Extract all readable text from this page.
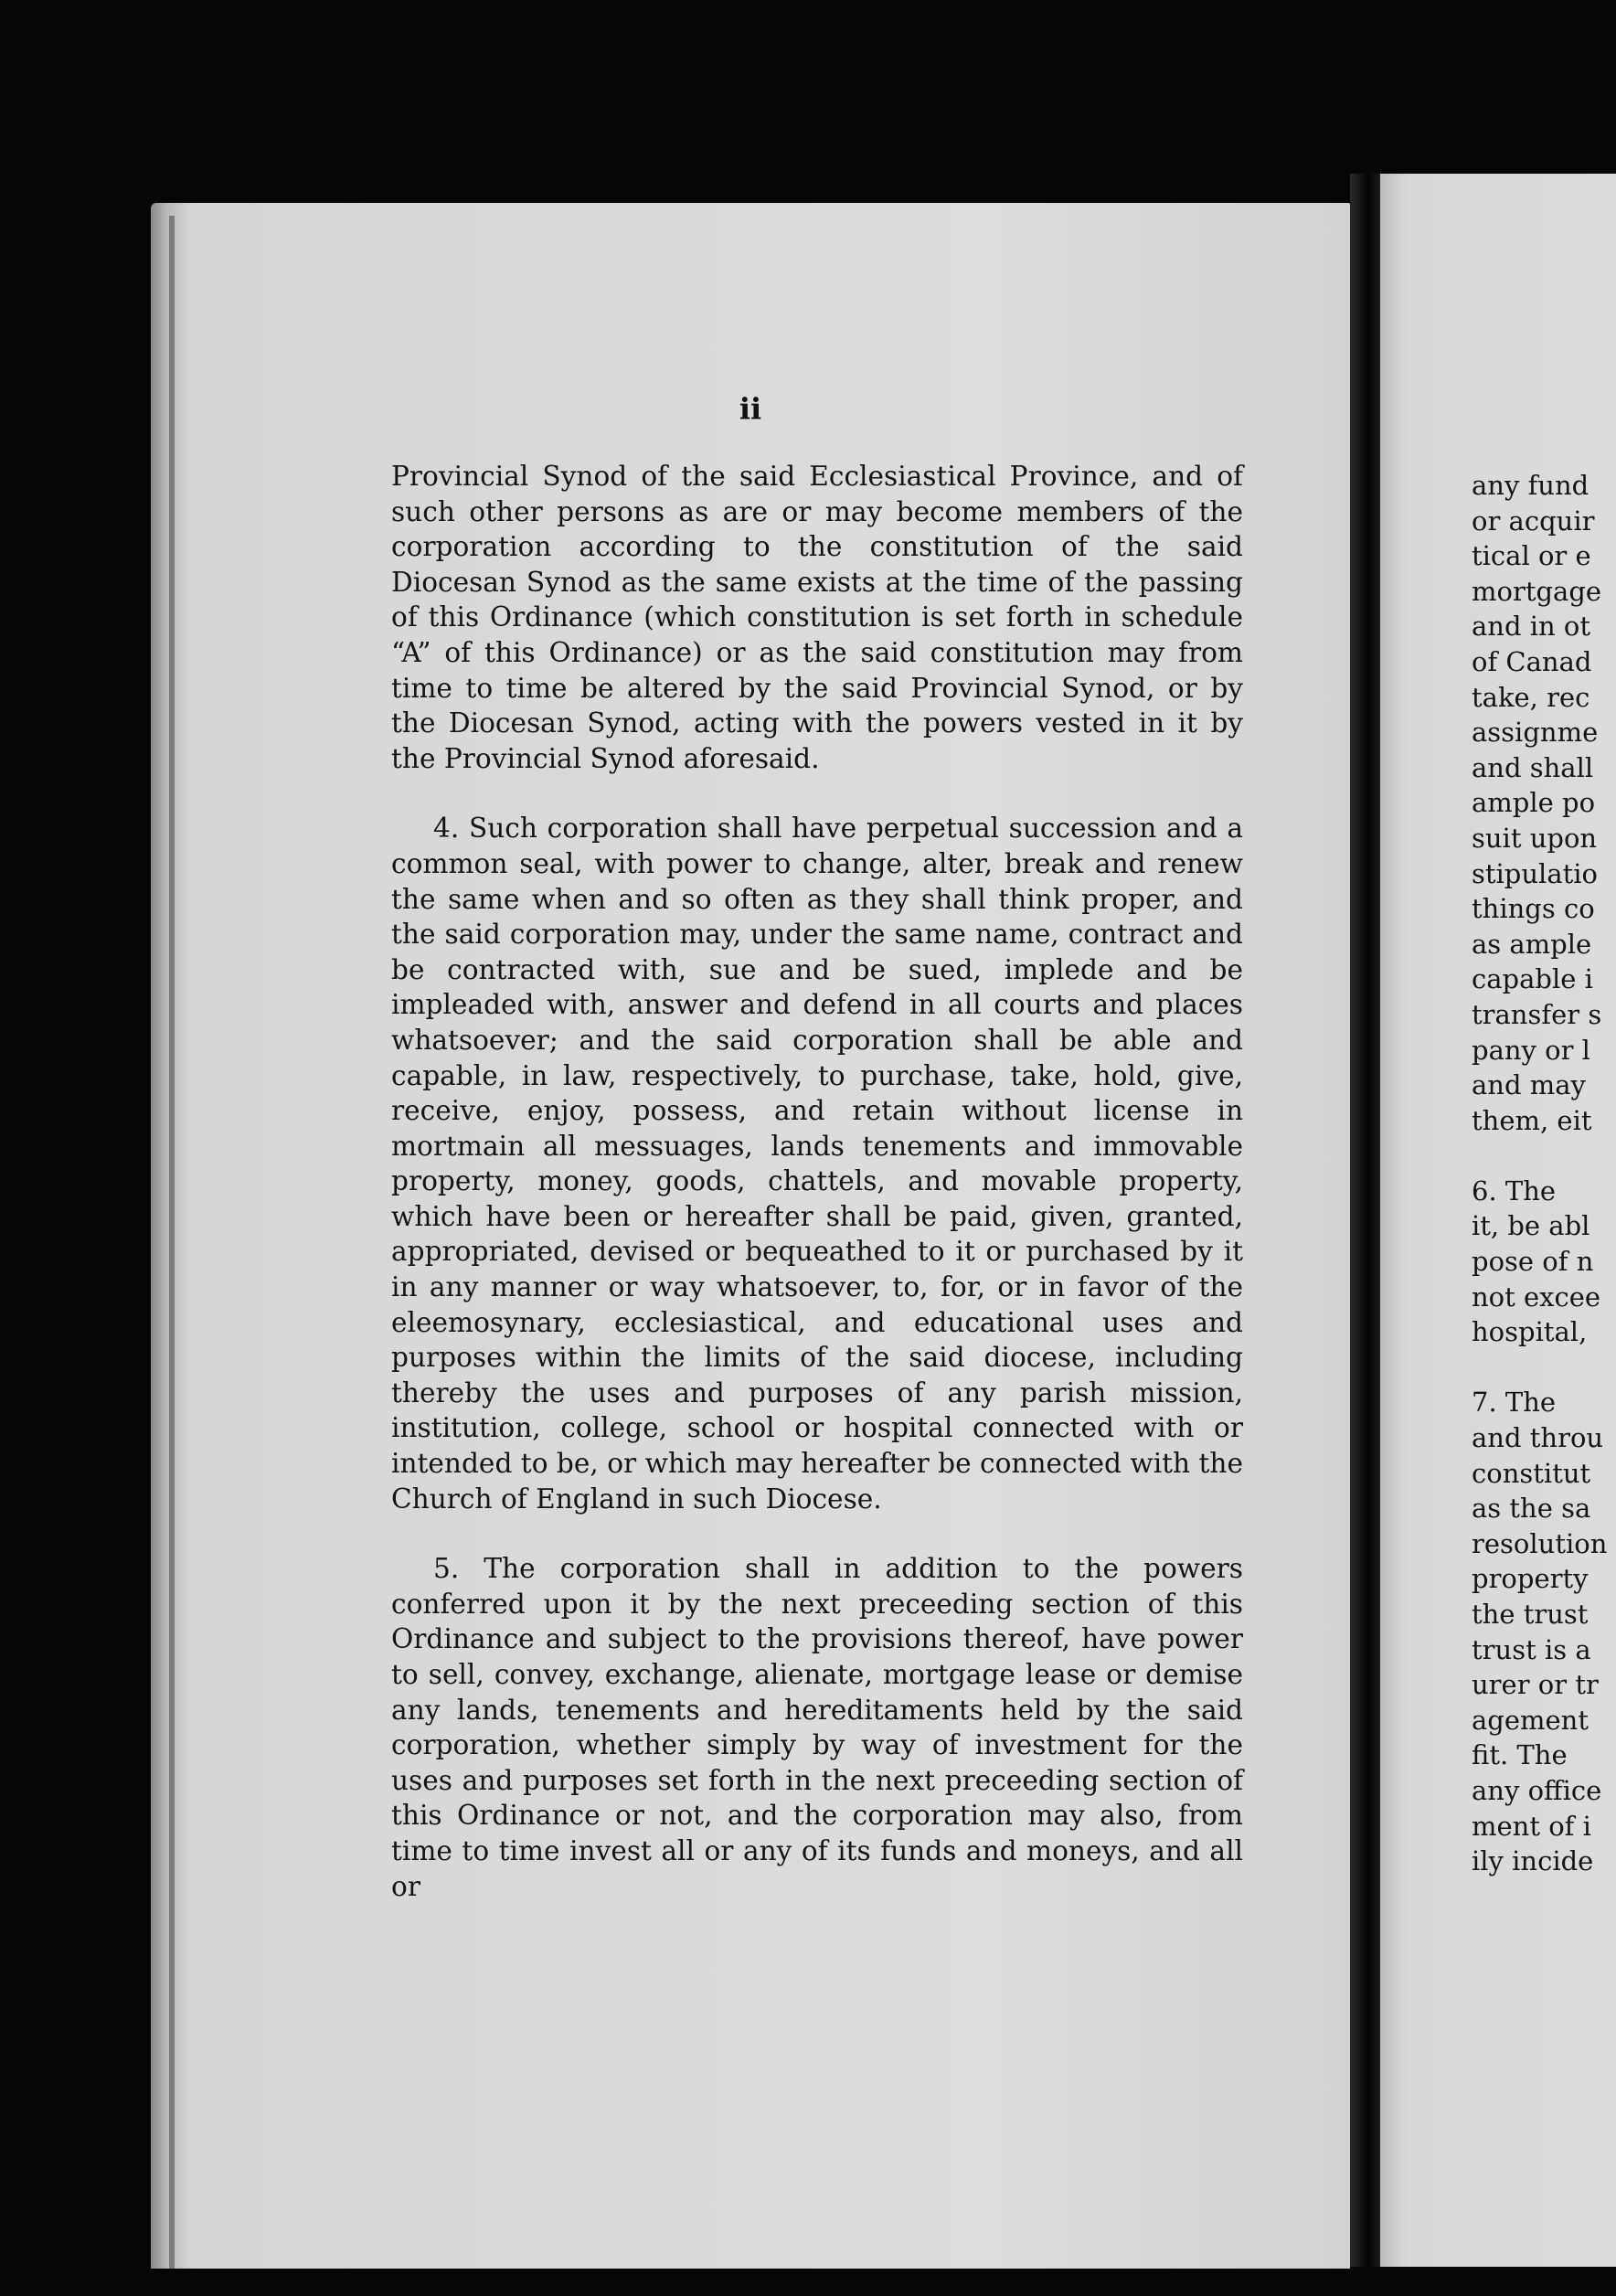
ii

Provincial Synod of the said Ecclesiastical Province, and of such other persons as are or may become members of the corporation according to the constitution of the said Diocesan Synod as the same exists at the time of the passing of this Ordinance (which constitution is set forth in schedule “A” of this Ordinance) or as the said constitution may from time to time be altered by the said Provincial Synod, or by the Diocesan Synod, acting with the powers vested in it by the Provincial Synod aforesaid.

4. Such corporation shall have perpetual succession and a common seal, with power to change, alter, break and renew the same when and so often as they shall think proper, and the said corporation may, under the same name, contract and be contracted with, sue and be sued, implede and be impleaded with, answer and defend in all courts and places whatsoever; and the said corporation shall be able and capable, in law, respectively, to purchase, take, hold, give, receive, enjoy, possess, and retain without license in mortmain all messuages, lands tenements and immovable property, money, goods, chattels, and movable property, which have been or hereafter shall be paid, given, granted, appropriated, devised or bequeathed to it or purchased by it in any manner or way whatsoever, to, for, or in favor of the eleemosynary, ecclesiastical, and educational uses and purposes within the limits of the said diocese, including thereby the uses and purposes of any parish mission, institution, college, school or hospital connected with or intended to be, or which may hereafter be connected with the Church of England in such Diocese.

5. The corporation shall in addition to the powers conferred upon it by the next preceeding section of this Ordinance and subject to the provisions thereof, have power to sell, convey, exchange, alienate, mortgage lease or demise any lands, tenements and hereditaments held by the said corporation, whether simply by way of investment for the uses and purposes set forth in the next preceeding section of this Ordinance or not, and the corporation may also, from time to time invest all or any of its funds and moneys, and all or

any fund
or acquir
tical or e
mortgage
and in ot
of Canad
take, rec
assignme
and shall
ample po
suit upon
stipulatio
things co
as ample
capable i
transfer s
pany or l
and may
them, eit
6. The
it, be abl
pose of n
not excee
hospital,
7. The
and throu
constitut
as the sa
resolution
property
the trust
trust is a
urer or tr
agement
fit. The
any office
ment of i
ily incide
